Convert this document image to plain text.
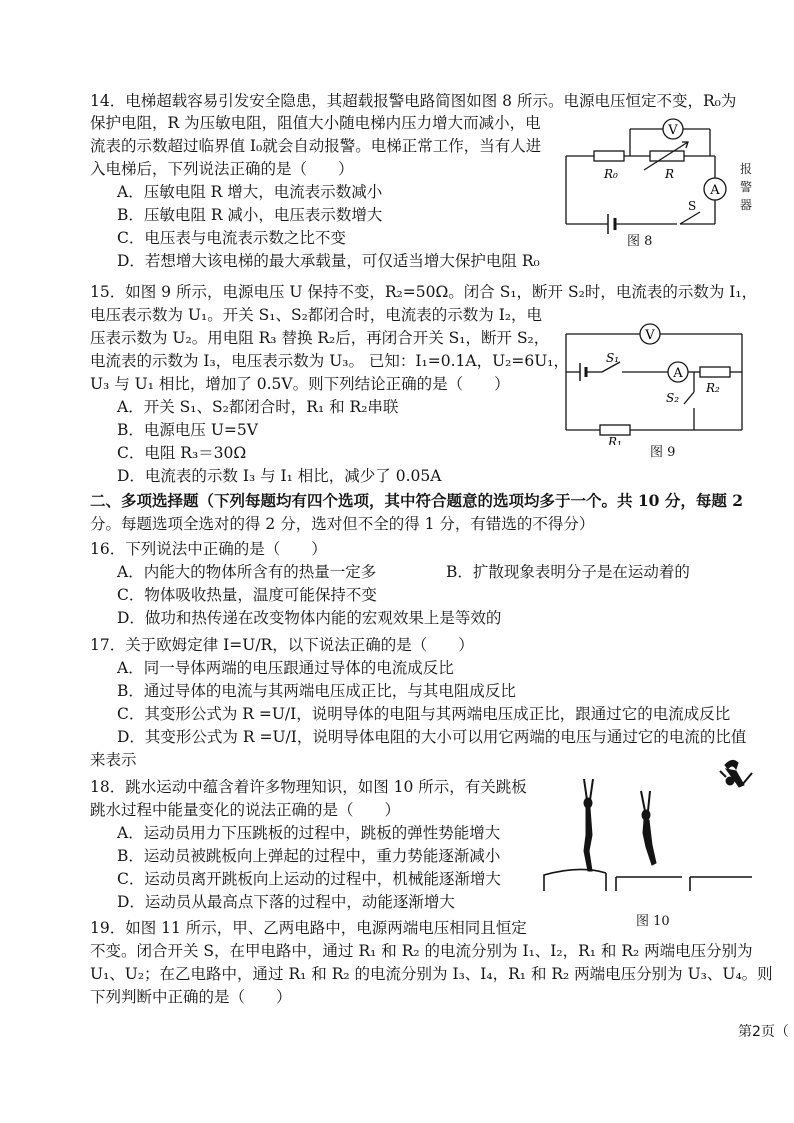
14．电梯超载容易引发安全隐患，其超载报警电路简图如图 8 所示。电源电压恒定不变，R₀为
保护电阻，R 为压敏电阻，阻值大小随电梯内压力增大而减小，电
流表的示数超过临界值 I₀就会自动报警。电梯正常工作，当有人进
入电梯后，下列说法正确的是（　　）
A．压敏电阻 R 增大，电流表示数减小
B．压敏电阻 R 减小，电压表示数增大
C．电压表与电流表示数之比不变
D．若想增大该电梯的最大承载量，可仅适当增大保护电阻 R₀
V
A
R₀	R
S
图 8
报警器
15．如图 9 所示，电源电压 U 保持不变，R₂=50Ω。闭合 S₁，断开 S₂时，电流表的示数为 I₁，
电压表示数为 U₁。开关 S₁、S₂都闭合时，电流表的示数为 I₂，电
压表示数为 U₂。用电阻 R₃ 替换 R₂后，再闭合开关 S₁，断开 S₂，
电流表的示数为 I₃，电压表示数为 U₃。 已知：I₁=0.1A，U₂=6U₁，
U₃ 与 U₁ 相比，增加了 0.5V。则下列结论正确的是（　　）
A．开关 S₁、S₂都闭合时，R₁ 和 R₂串联
B．电源电压 U=5V
C．电阻 R₃＝30Ω
D．电流表的示数 I₃ 与 I₁ 相比，减少了 0.05A
V
A
S₁
S₂
R₂
R₁
图 9
二、多项选择题（下列每题均有四个选项，其中符合题意的选项均多于一个。共 10 分，每题 2
分。每题选项全选对的得 2 分，选对但不全的得 1 分，有错选的不得分）
16．下列说法中正确的是（　　）
A．内能大的物体所含有的热量一定多	B．扩散现象表明分子是在运动着的
C．物体吸收热量，温度可能保持不变
D．做功和热传递在改变物体内能的宏观效果上是等效的
17．关于欧姆定律 I=U/R，以下说法正确的是（　　）
A．同一导体两端的电压跟通过导体的电流成反比
B．通过导体的电流与其两端电压成正比，与其电阻成反比
C．其变形公式为 R =U/I，说明导体的电阻与其两端电压成正比，跟通过它的电流成反比
D．其变形公式为 R =U/I，说明导体电阻的大小可以用它两端的电压与通过它的电流的比值
来表示
18．跳水运动中蕴含着许多物理知识，如图 10 所示，有关跳板
跳水过程中能量变化的说法正确的是（　　）
A．运动员用力下压跳板的过程中，跳板的弹性势能增大
B．运动员被跳板向上弹起的过程中，重力势能逐渐减小
C．运动员离开跳板向上运动的过程中，机械能逐渐增大
D．运动员从最高点下落的过程中，动能逐渐增大
图 10
19．如图 11 所示，甲、乙两电路中，电源两端电压相同且恒定
不变。闭合开关 S，在甲电路中，通过 R₁ 和 R₂ 的电流分别为 I₁、I₂，R₁ 和 R₂ 两端电压分别为
U₁、U₂；在乙电路中，通过 R₁ 和 R₂ 的电流分别为 I₃、I₄，R₁ 和 R₂ 两端电压分别为 U₃、U₄。则
下列判断中正确的是（　　）
第2页（
